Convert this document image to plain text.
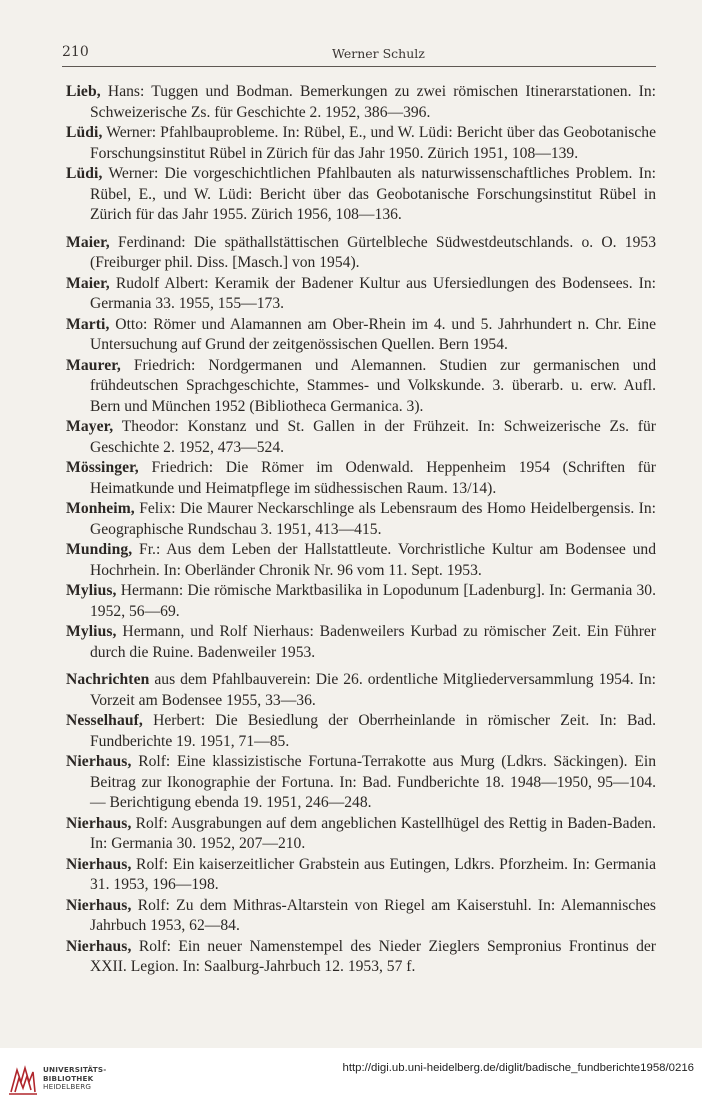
210	Werner Schulz

Lieb, Hans: Tuggen und Bodman. Bemerkungen zu zwei römischen Itinerarstationen. In: Schweizerische Zs. für Geschichte 2. 1952, 386—396.

Lüdi, Werner: Pfahlbauprobleme. In: Rübel, E., und W. Lüdi: Bericht über das Geobotanische Forschungsinstitut Rübel in Zürich für das Jahr 1950. Zürich 1951, 108—139.

Lüdi, Werner: Die vorgeschichtlichen Pfahlbauten als naturwissenschaftliches Problem. In: Rübel, E., und W. Lüdi: Bericht über das Geobotanische Forschungsinstitut Rübel in Zürich für das Jahr 1955. Zürich 1956, 108—136.

Maier, Ferdinand: Die späthallstättischen Gürtelbleche Südwestdeutschlands. o. O. 1953 (Freiburger phil. Diss. [Masch.] von 1954).

Maier, Rudolf Albert: Keramik der Badener Kultur aus Ufersiedlungen des Bodensees. In: Germania 33. 1955, 155—173.

Marti, Otto: Römer und Alamannen am Ober-Rhein im 4. und 5. Jahrhundert n. Chr. Eine Untersuchung auf Grund der zeitgenössischen Quellen. Bern 1954.

Maurer, Friedrich: Nordgermanen und Alemannen. Studien zur germanischen und frühdeutschen Sprachgeschichte, Stammes- und Volkskunde. 3. überarb. u. erw. Aufl. Bern und München 1952 (Bibliotheca Germanica. 3).

Mayer, Theodor: Konstanz und St. Gallen in der Frühzeit. In: Schweizerische Zs. für Geschichte 2. 1952, 473—524.

Mössinger, Friedrich: Die Römer im Odenwald. Heppenheim 1954 (Schriften für Heimatkunde und Heimatpflege im südhessischen Raum. 13/14).

Monheim, Felix: Die Maurer Neckarschlinge als Lebensraum des Homo Heidelbergensis. In: Geographische Rundschau 3. 1951, 413—415.

Munding, Fr.: Aus dem Leben der Hallstattleute. Vorchristliche Kultur am Bodensee und Hochrhein. In: Oberländer Chronik Nr. 96 vom 11. Sept. 1953.

Mylius, Hermann: Die römische Marktbasilika in Lopodunum [Ladenburg]. In: Germania 30. 1952, 56—69.

Mylius, Hermann, und Rolf Nierhaus: Badenweilers Kurbad zu römischer Zeit. Ein Führer durch die Ruine. Badenweiler 1953.

Nachrichten aus dem Pfahlbauverein: Die 26. ordentliche Mitgliederversammlung 1954. In: Vorzeit am Bodensee 1955, 33—36.

Nesselhauf, Herbert: Die Besiedlung der Oberrheinlande in römischer Zeit. In: Bad. Fundberichte 19. 1951, 71—85.

Nierhaus, Rolf: Eine klassizistische Fortuna-Terrakotte aus Murg (Ldkrs. Säckingen). Ein Beitrag zur Ikonographie der Fortuna. In: Bad. Fundberichte 18. 1948—1950, 95—104. — Berichtigung ebenda 19. 1951, 246—248.

Nierhaus, Rolf: Ausgrabungen auf dem angeblichen Kastellhügel des Rettig in Baden-Baden. In: Germania 30. 1952, 207—210.

Nierhaus, Rolf: Ein kaiserzeitlicher Grabstein aus Eutingen, Ldkrs. Pforzheim. In: Germania 31. 1953, 196—198.

Nierhaus, Rolf: Zu dem Mithras-Altarstein von Riegel am Kaiserstuhl. In: Alemannisches Jahrbuch 1953, 62—84.

Nierhaus, Rolf: Ein neuer Namenstempel des Nieder Zieglers Sempronius Frontinus der XXII. Legion. In: Saalburg-Jahrbuch 12. 1953, 57 f.

UNIVERSITÄTS-
BIBLIOTHEK
HEIDELBERG
http://digi.ub.uni-heidelberg.de/diglit/badische_fundberichte1958/0216
